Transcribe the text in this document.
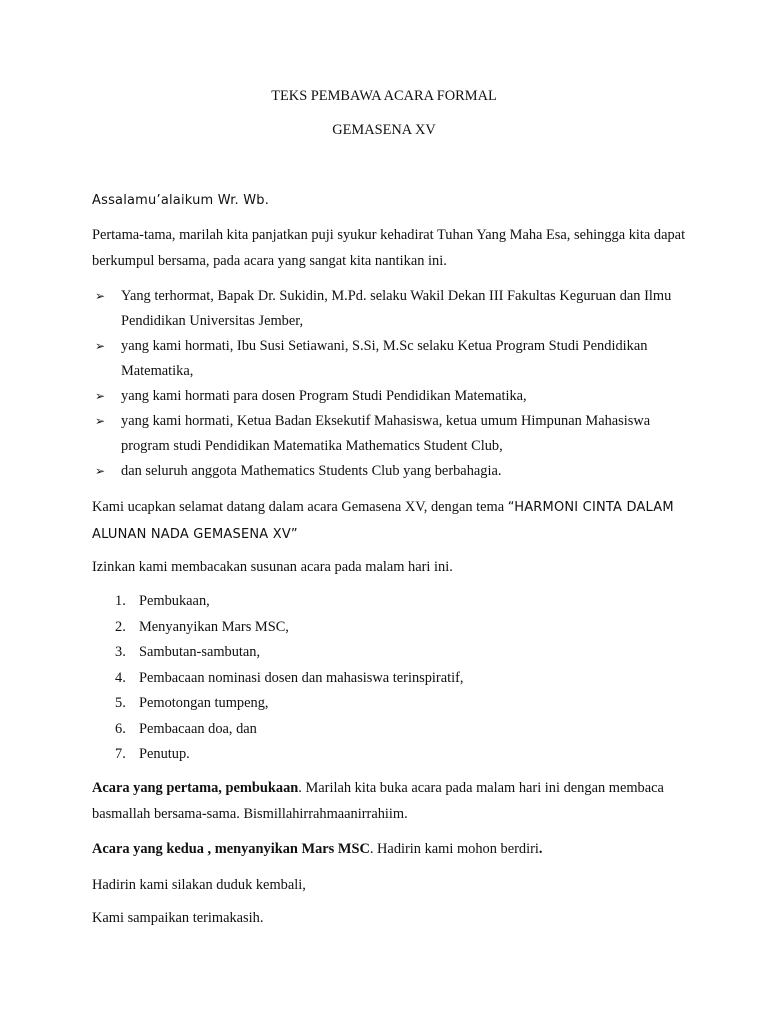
TEKS PEMBAWA ACARA FORMAL
GEMASENA XV

Assalamu’alaikum Wr. Wb.

Pertama-tama, marilah kita panjatkan puji syukur kehadirat Tuhan Yang Maha Esa, sehingga kita dapat berkumpul bersama, pada acara yang sangat kita nantikan ini.

➢ Yang terhormat, Bapak Dr. Sukidin, M.Pd. selaku Wakil Dekan III Fakultas Keguruan dan Ilmu Pendidikan Universitas Jember,
➢ yang kami hormati, Ibu Susi Setiawani, S.Si, M.Sc selaku Ketua Program Studi Pendidikan Matematika,
➢ yang kami hormati para dosen Program Studi Pendidikan Matematika,
➢ yang kami hormati, Ketua Badan Eksekutif Mahasiswa, ketua umum Himpunan Mahasiswa program studi Pendidikan Matematika Mathematics Student Club,
➢ dan seluruh anggota Mathematics Students Club yang berbahagia.

Kami ucapkan selamat datang dalam acara Gemasena XV, dengan tema “HARMONI CINTA DALAM ALUNAN NADA GEMASENA XV”

Izinkan kami membacakan susunan acara pada malam hari ini.

1. Pembukaan,
2. Menyanyikan Mars MSC,
3. Sambutan-sambutan,
4. Pembacaan nominasi dosen dan mahasiswa terinspiratif,
5. Pemotongan tumpeng,
6. Pembacaan doa, dan
7. Penutup.

Acara yang pertama, pembukaan. Marilah kita buka acara pada malam hari ini dengan membaca basmallah bersama-sama. Bismillahirrahmaanirrahiim.

Acara yang kedua , menyanyikan Mars MSC. Hadirin kami mohon berdiri.

Hadirin kami silakan duduk kembali,

Kami sampaikan terimakasih.
